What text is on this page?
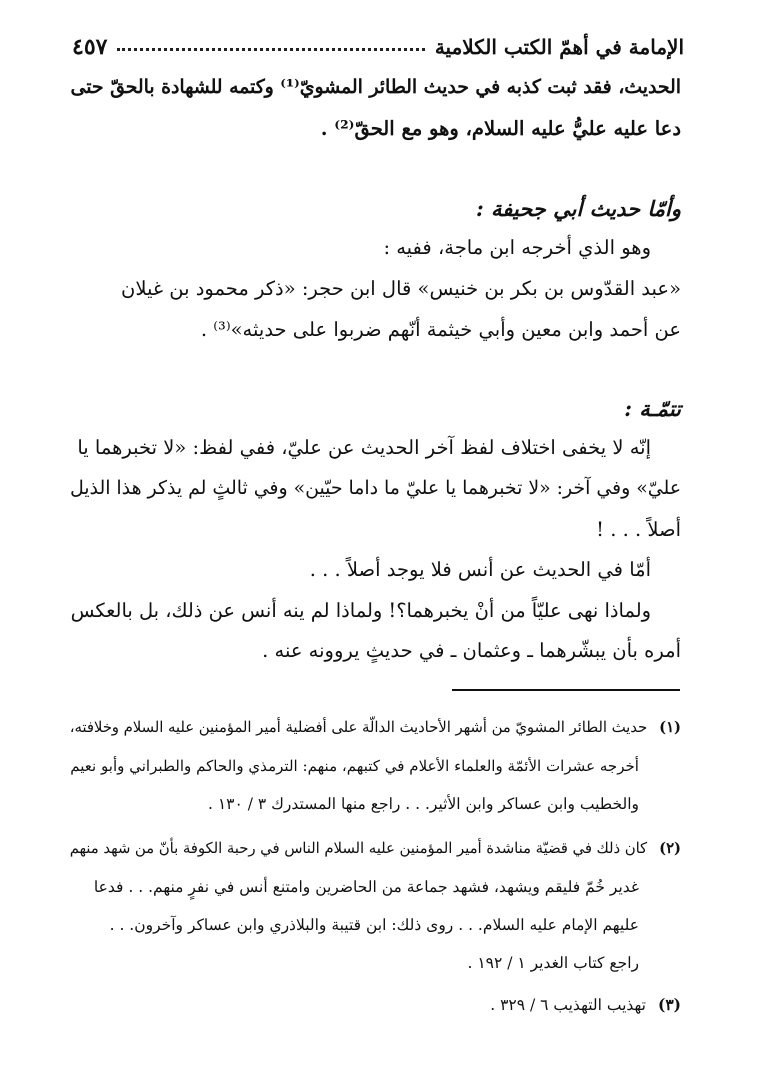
الإمامة في أهمّ الكتب الكلامية
٤٥٧
الحديث، فقد ثبت كذبه في حديث الطائر المشويّ⁽¹⁾ وكتمه للشهادة بالحقّ حتى
دعا عليه عليُّ عليه السلام، وهو مع الحقّ⁽²⁾ .
وأمّا حديث أبي جحيفة :
وهو الذي أخرجه ابن ماجة، ففيه :
«عبد القدّوس بن بكر بن خنيس» قال ابن حجر: «ذكر محمود بن غيلان
عن أحمد وابن معين وأبي خيثمة أنّهم ضربوا على حديثه»⁽³⁾ .
تتمّـة :
إنّه لا يخفى اختلاف لفظ آخر الحديث عن عليّ، ففي لفظ: «لا تخبرهما يا
عليّ» وفي آخر: «لا تخبرهما يا عليّ ما داما حيّين» وفي ثالثٍ لم يذكر هذا الذيل
أصلاً . . . !
أمّا في الحديث عن أنس فلا يوجد أصلاً . . .
ولماذا نهى عليّاً من أنْ يخبرهما؟! ولماذا لم ينه أنس عن ذلك، بل بالعكس
أمره بأن يبشّرهما ـ وعثمان ـ في حديثٍ يروونه عنه .
(١)حديث الطائر المشويّ من أشهر الأحاديث الدالّة على أفضلية أمير المؤمنين عليه السلام وخلافته،
أخرجه عشرات الأئمّة والعلماء الأعلام في كتبهم، منهم: الترمذي والحاكم والطبراني وأبو نعيم
والخطيب وابن عساكر وابن الأثير. . . راجع منها المستدرك ٣ / ١٣٠ .
(٢)كان ذلك في قضيّة مناشدة أمير المؤمنين عليه السلام الناس في رحبة الكوفة بأنّ من شهد منهم
غدير خُمّ فليقم ويشهد، فشهد جماعة من الحاضرين وامتنع أنس في نفرٍ منهم. . . فدعا
عليهم الإمام عليه السلام. . . روى ذلك: ابن قتيبة والبلاذري وابن عساكر وآخرون. . .
راجع كتاب الغدير ١ / ١٩٢ .
(٣)تهذيب التهذيب ٦ / ٣٢٩ .
